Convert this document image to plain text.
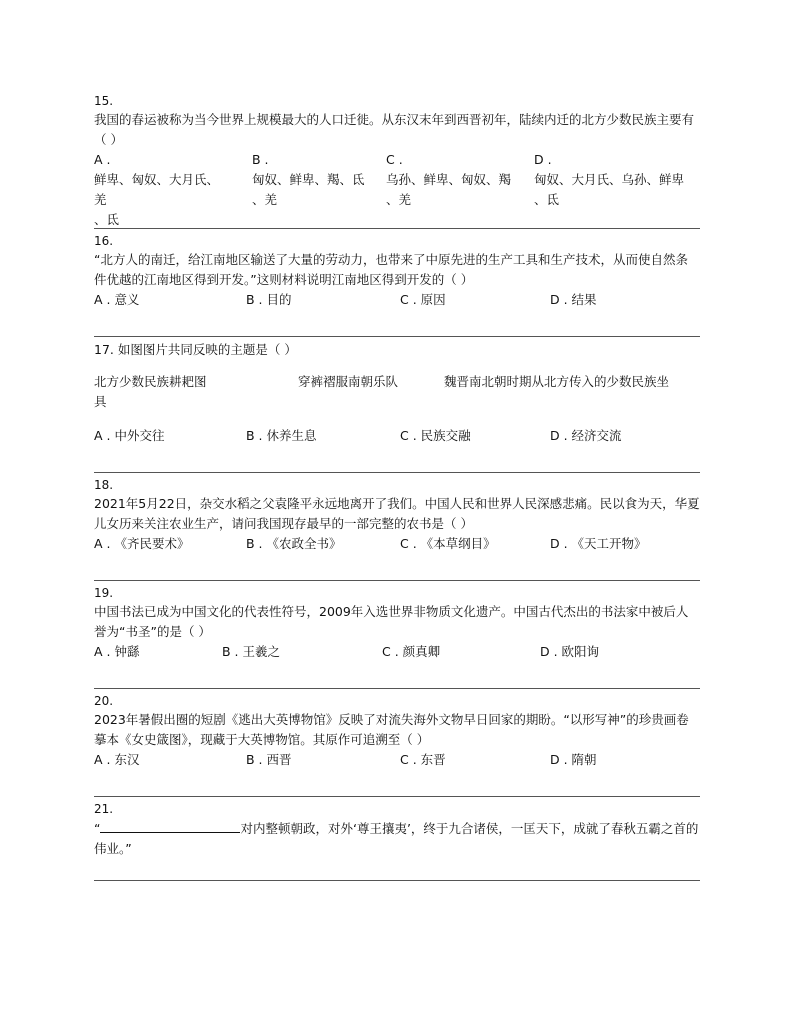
15.
我国的春运被称为当今世界上规模最大的人口迁徙。从东汉末年到西晋初年，陆续内迁的北方少数民族主要有（ ）
A .
鲜卑、匈奴、大月氏、羌
、氐
B .
匈奴、鲜卑、羯、氐
、羌
C .
乌孙、鲜卑、匈奴、羯
、羌
D .
匈奴、大月氏、乌孙、鲜卑
、氐
16.
“北方人的南迁，给江南地区输送了大量的劳动力，也带来了中原先进的生产工具和生产技术，从而使自然条件优越的江南地区得到开发。”这则材料说明江南地区得到开发的（ ）
A . 意义	B . 目的	C . 原因	D . 结果
17. 如图图片共同反映的主题是（ ）
北方少数民族耕耙图	穿裤褶服南朝乐队	魏晋南北朝时期从北方传入的少数民族坐
具
A . 中外交往	B . 休养生息	C . 民族交融	D . 经济交流
18.
2021年5月22日，杂交水稻之父袁隆平永远地离开了我们。中国人民和世界人民深感悲痛。民以食为天，华夏儿女历来关注农业生产，请问我国现存最早的一部完整的农书是（ ）
A . 《齐民要术》	B . 《农政全书》	C . 《本草纲目》	D . 《天工开物》
19.
中国书法已成为中国文化的代表性符号，2009年入选世界非物质文化遗产。中国古代杰出的书法家中被后人誉为“书圣”的是（ ）
A . 钟繇	B . 王羲之	C . 颜真卿	D . 欧阳询
20.
2023年暑假出圈的短剧《逃出大英博物馆》反映了对流失海外文物早日回家的期盼。“以形写神”的珍贵画卷摹本《女史箴图》，现藏于大英博物馆。其原作可追溯至（ ）
A . 东汉	B . 西晋	C . 东晋	D . 隋朝
21.
“	对内整顿朝政，对外‘尊王攘夷’，终于九合诸侯，一匡天下，成就了春秋五霸之首的伟业。”
